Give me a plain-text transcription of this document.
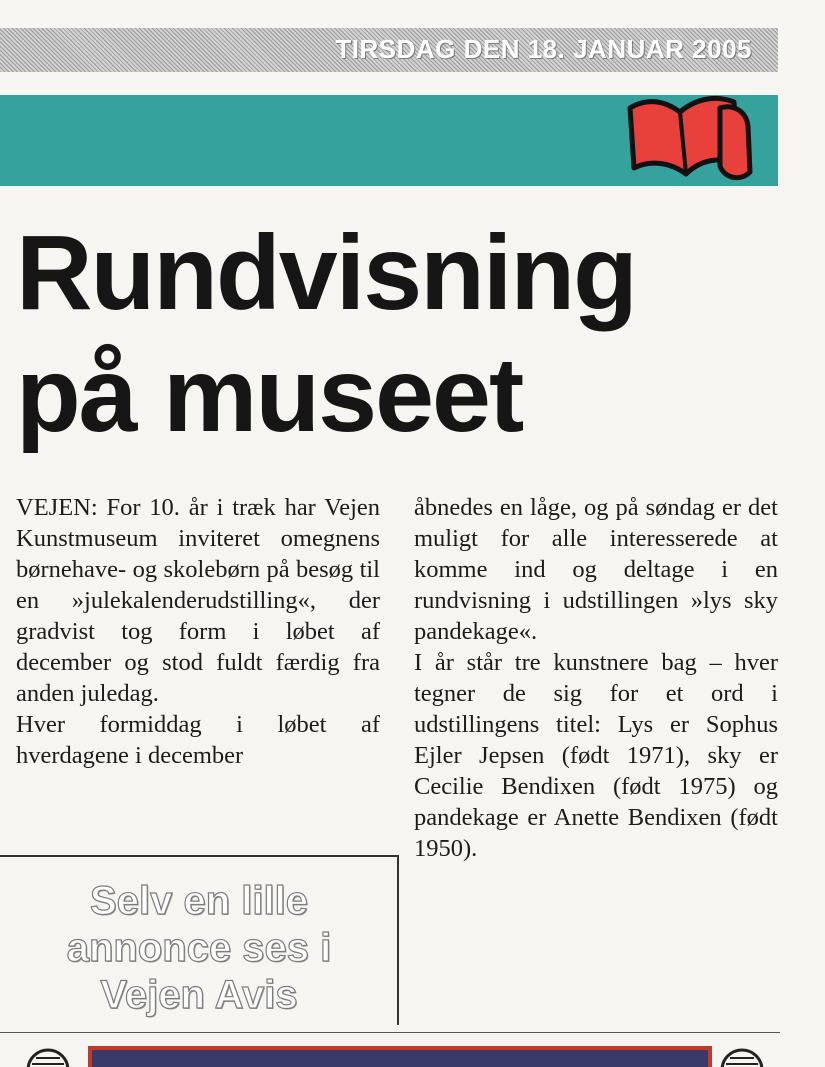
TIRSDAG DEN 18. JANUAR 2005
Rundvisning
på museet

VEJEN: For 10. år i træk har Vejen Kunstmuseum inviteret omegnens børnehave- og skolebørn på besøg til en »julekalenderudstilling«, der gradvist tog form i løbet af december og stod fuldt færdig fra anden juledag.

Hver formiddag i løbet af hverdagene i december

åbnedes en låge, og på søndag er det muligt for alle interesserede at komme ind og deltage i en rundvisning i udstillingen »lys sky pandekage«.

I år står tre kunstnere bag – hver tegner de sig for et ord i udstillingens titel: Lys er Sophus Ejler Jepsen (født 1971), sky er Cecilie Bendixen (født 1975) og pandekage er Anette Bendixen (født 1950).

Selv en lille
annonce ses i
Vejen Avis
